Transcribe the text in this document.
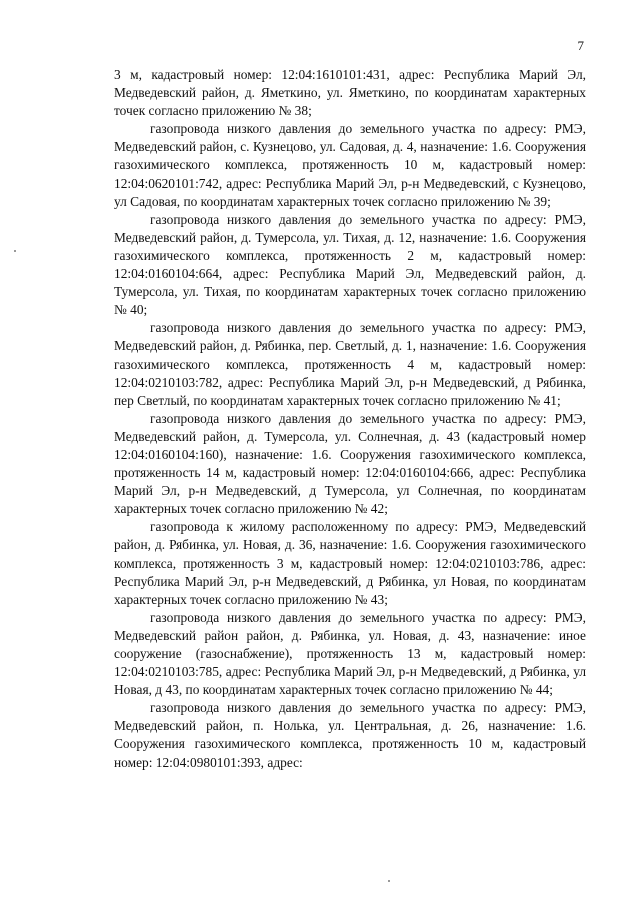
7

3 м, кадастровый номер: 12:04:1610101:431, адрес: Республика Марий Эл, Медведевский район, д. Яметкино, ул. Яметкино, по координатам характерных точек согласно приложению № 38;

газопровода низкого давления до земельного участка по адресу: РМЭ, Медведевский район, с. Кузнецово, ул. Садовая, д. 4, назначение: 1.6. Сооружения газохимического комплекса, протяженность 10 м, кадастровый номер: 12:04:0620101:742, адрес: Республика Марий Эл, р-н Медведевский, с Кузнецово, ул Садовая, по координатам характерных точек согласно приложению № 39;

газопровода низкого давления до земельного участка по адресу: РМЭ, Медведевский район, д. Тумерсола, ул. Тихая, д. 12, назначение: 1.6. Сооружения газохимического комплекса, протяженность 2 м, кадастровый номер: 12:04:0160104:664, адрес: Республика Марий Эл, Медведевский район, д. Тумерсола, ул. Тихая, по координатам характерных точек согласно приложению № 40;

газопровода низкого давления до земельного участка по адресу: РМЭ, Медведевский район, д. Рябинка, пер. Светлый, д. 1, назначение: 1.6. Сооружения газохимического комплекса, протяженность 4 м, кадастровый номер: 12:04:0210103:782, адрес: Республика Марий Эл, р-н Медведевский, д Рябинка, пер Светлый, по координатам характерных точек согласно приложению № 41;

газопровода низкого давления до земельного участка по адресу: РМЭ, Медведевский район, д. Тумерсола, ул. Солнечная, д. 43 (кадастровый номер 12:04:0160104:160), назначение: 1.6. Сооружения газохимического комплекса, протяженность 14 м, кадастровый номер: 12:04:0160104:666, адрес: Республика Марий Эл, р-н Медведевский, д Тумерсола, ул Солнечная, по координатам характерных точек согласно приложению № 42;

газопровода к жилому расположенному по адресу: РМЭ, Медведевский район, д. Рябинка, ул. Новая, д. 36, назначение: 1.6. Сооружения газохимического комплекса, протяженность 3 м, кадастровый номер: 12:04:0210103:786, адрес: Республика Марий Эл, р-н Медведевский, д Рябинка, ул Новая, по координатам характерных точек согласно приложению № 43;

газопровода низкого давления до земельного участка по адресу: РМЭ, Медведевский район район, д. Рябинка, ул. Новая, д. 43, назначение: иное сооружение (газоснабжение), протяженность 13 м, кадастровый номер: 12:04:0210103:785, адрес: Республика Марий Эл, р-н Медведевский, д Рябинка, ул Новая, д 43, по координатам характерных точек согласно приложению № 44;

газопровода низкого давления до земельного участка по адресу: РМЭ, Медведевский район, п. Нолька, ул. Центральная, д. 26, назначение: 1.6. Сооружения газохимического комплекса, протяженность 10 м, кадастровый номер: 12:04:0980101:393, адрес:
